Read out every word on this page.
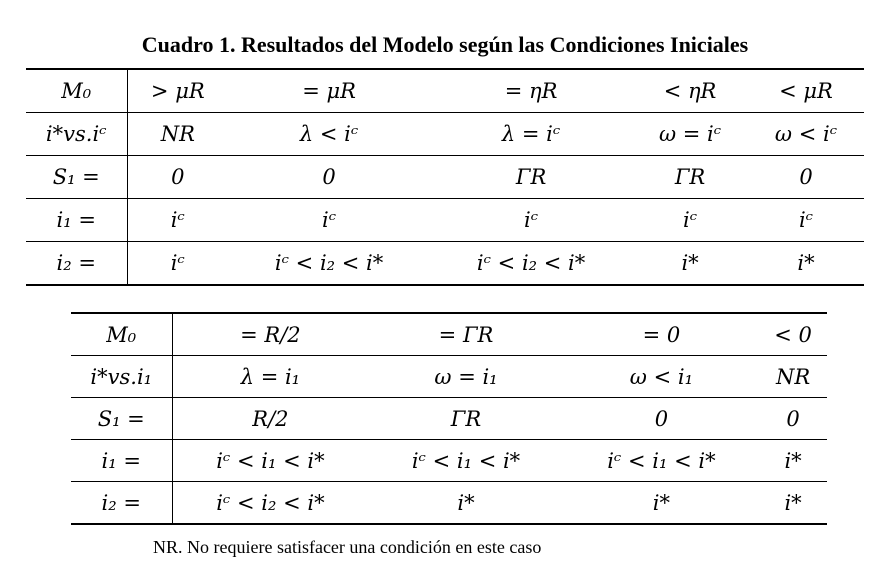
Cuadro 1. Resultados del Modelo según las Condiciones Iniciales
M₀	> μR	= μR	= ηR	< ηR	< μR
i*vs.iᶜ	NR	λ < iᶜ	λ = iᶜ	ω = iᶜ	ω < iᶜ
S₁ =	0	0	ΓR	ΓR	0
i₁ =	iᶜ	iᶜ	iᶜ	iᶜ	iᶜ
i₂ =	iᶜ	iᶜ < i₂ < i*	iᶜ < i₂ < i*	i*	i*
M₀	= R/2	= ΓR	= 0	< 0
i*vs.i₁	λ = i₁	ω = i₁	ω < i₁	NR
S₁ =	R/2	ΓR	0	0
i₁ =	iᶜ < i₁ < i*	iᶜ < i₁ < i*	iᶜ < i₁ < i*	i*
i₂ =	iᶜ < i₂ < i*	i*	i*	i*
NR. No requiere satisfacer una condición en este caso
